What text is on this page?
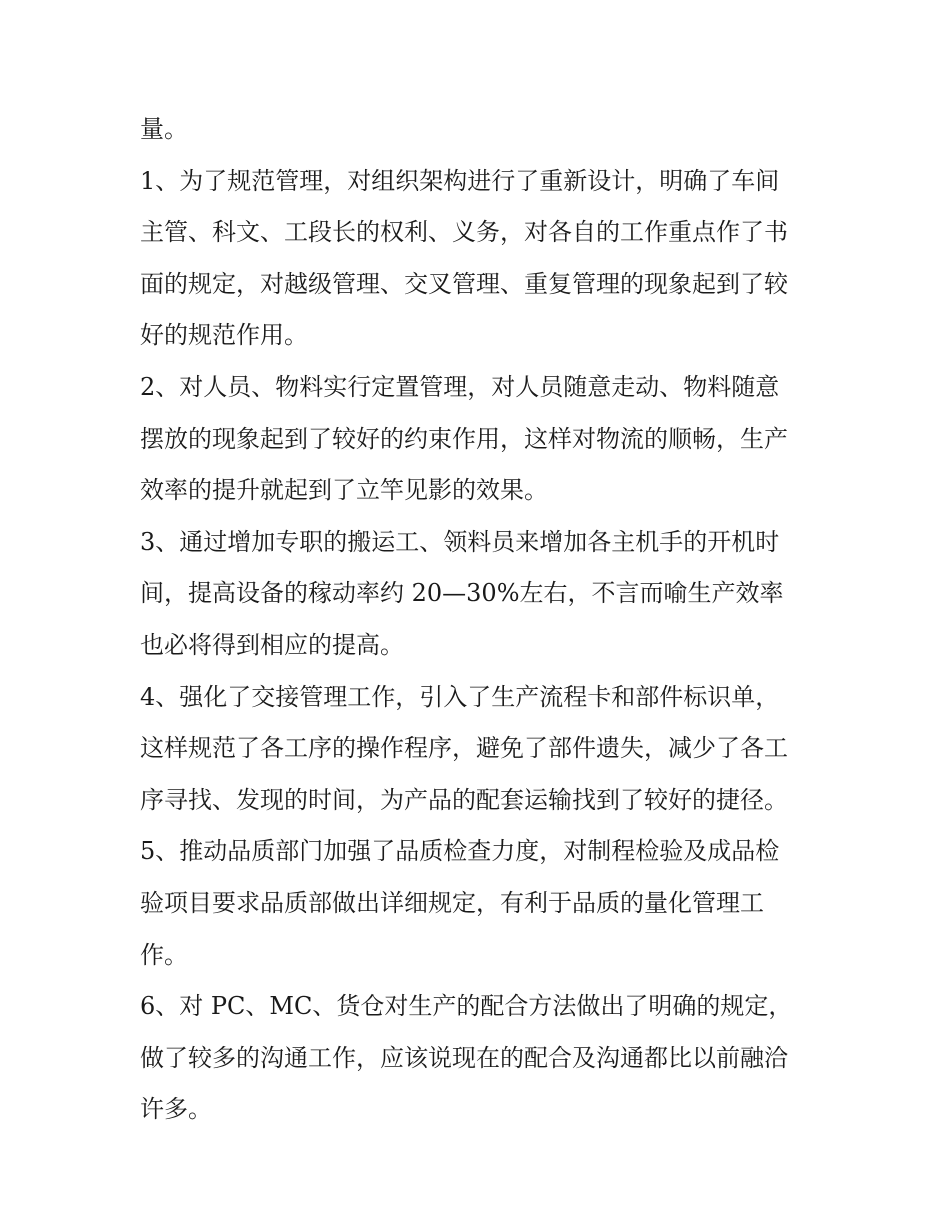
量。
1、为了规范管理，对组织架构进行了重新设计，明确了车间
主管、科文、工段长的权利、义务，对各自的工作重点作了书
面的规定，对越级管理、交叉管理、重复管理的现象起到了较
好的规范作用。
2、对人员、物料实行定置管理，对人员随意走动、物料随意
摆放的现象起到了较好的约束作用，这样对物流的顺畅，生产
效率的提升就起到了立竿见影的效果。
3、通过增加专职的搬运工、领料员来增加各主机手的开机时
间，提高设备的稼动率约 20—30%左右，不言而喻生产效率
也必将得到相应的提高。
4、强化了交接管理工作，引入了生产流程卡和部件标识单，
这样规范了各工序的操作程序，避免了部件遗失，减少了各工
序寻找、发现的时间，为产品的配套运输找到了较好的捷径。
5、推动品质部门加强了品质检查力度，对制程检验及成品检
验项目要求品质部做出详细规定，有利于品质的量化管理工
作。
6、对 PC、MC、货仓对生产的配合方法做出了明确的规定，
做了较多的沟通工作，应该说现在的配合及沟通都比以前融洽
许多。
